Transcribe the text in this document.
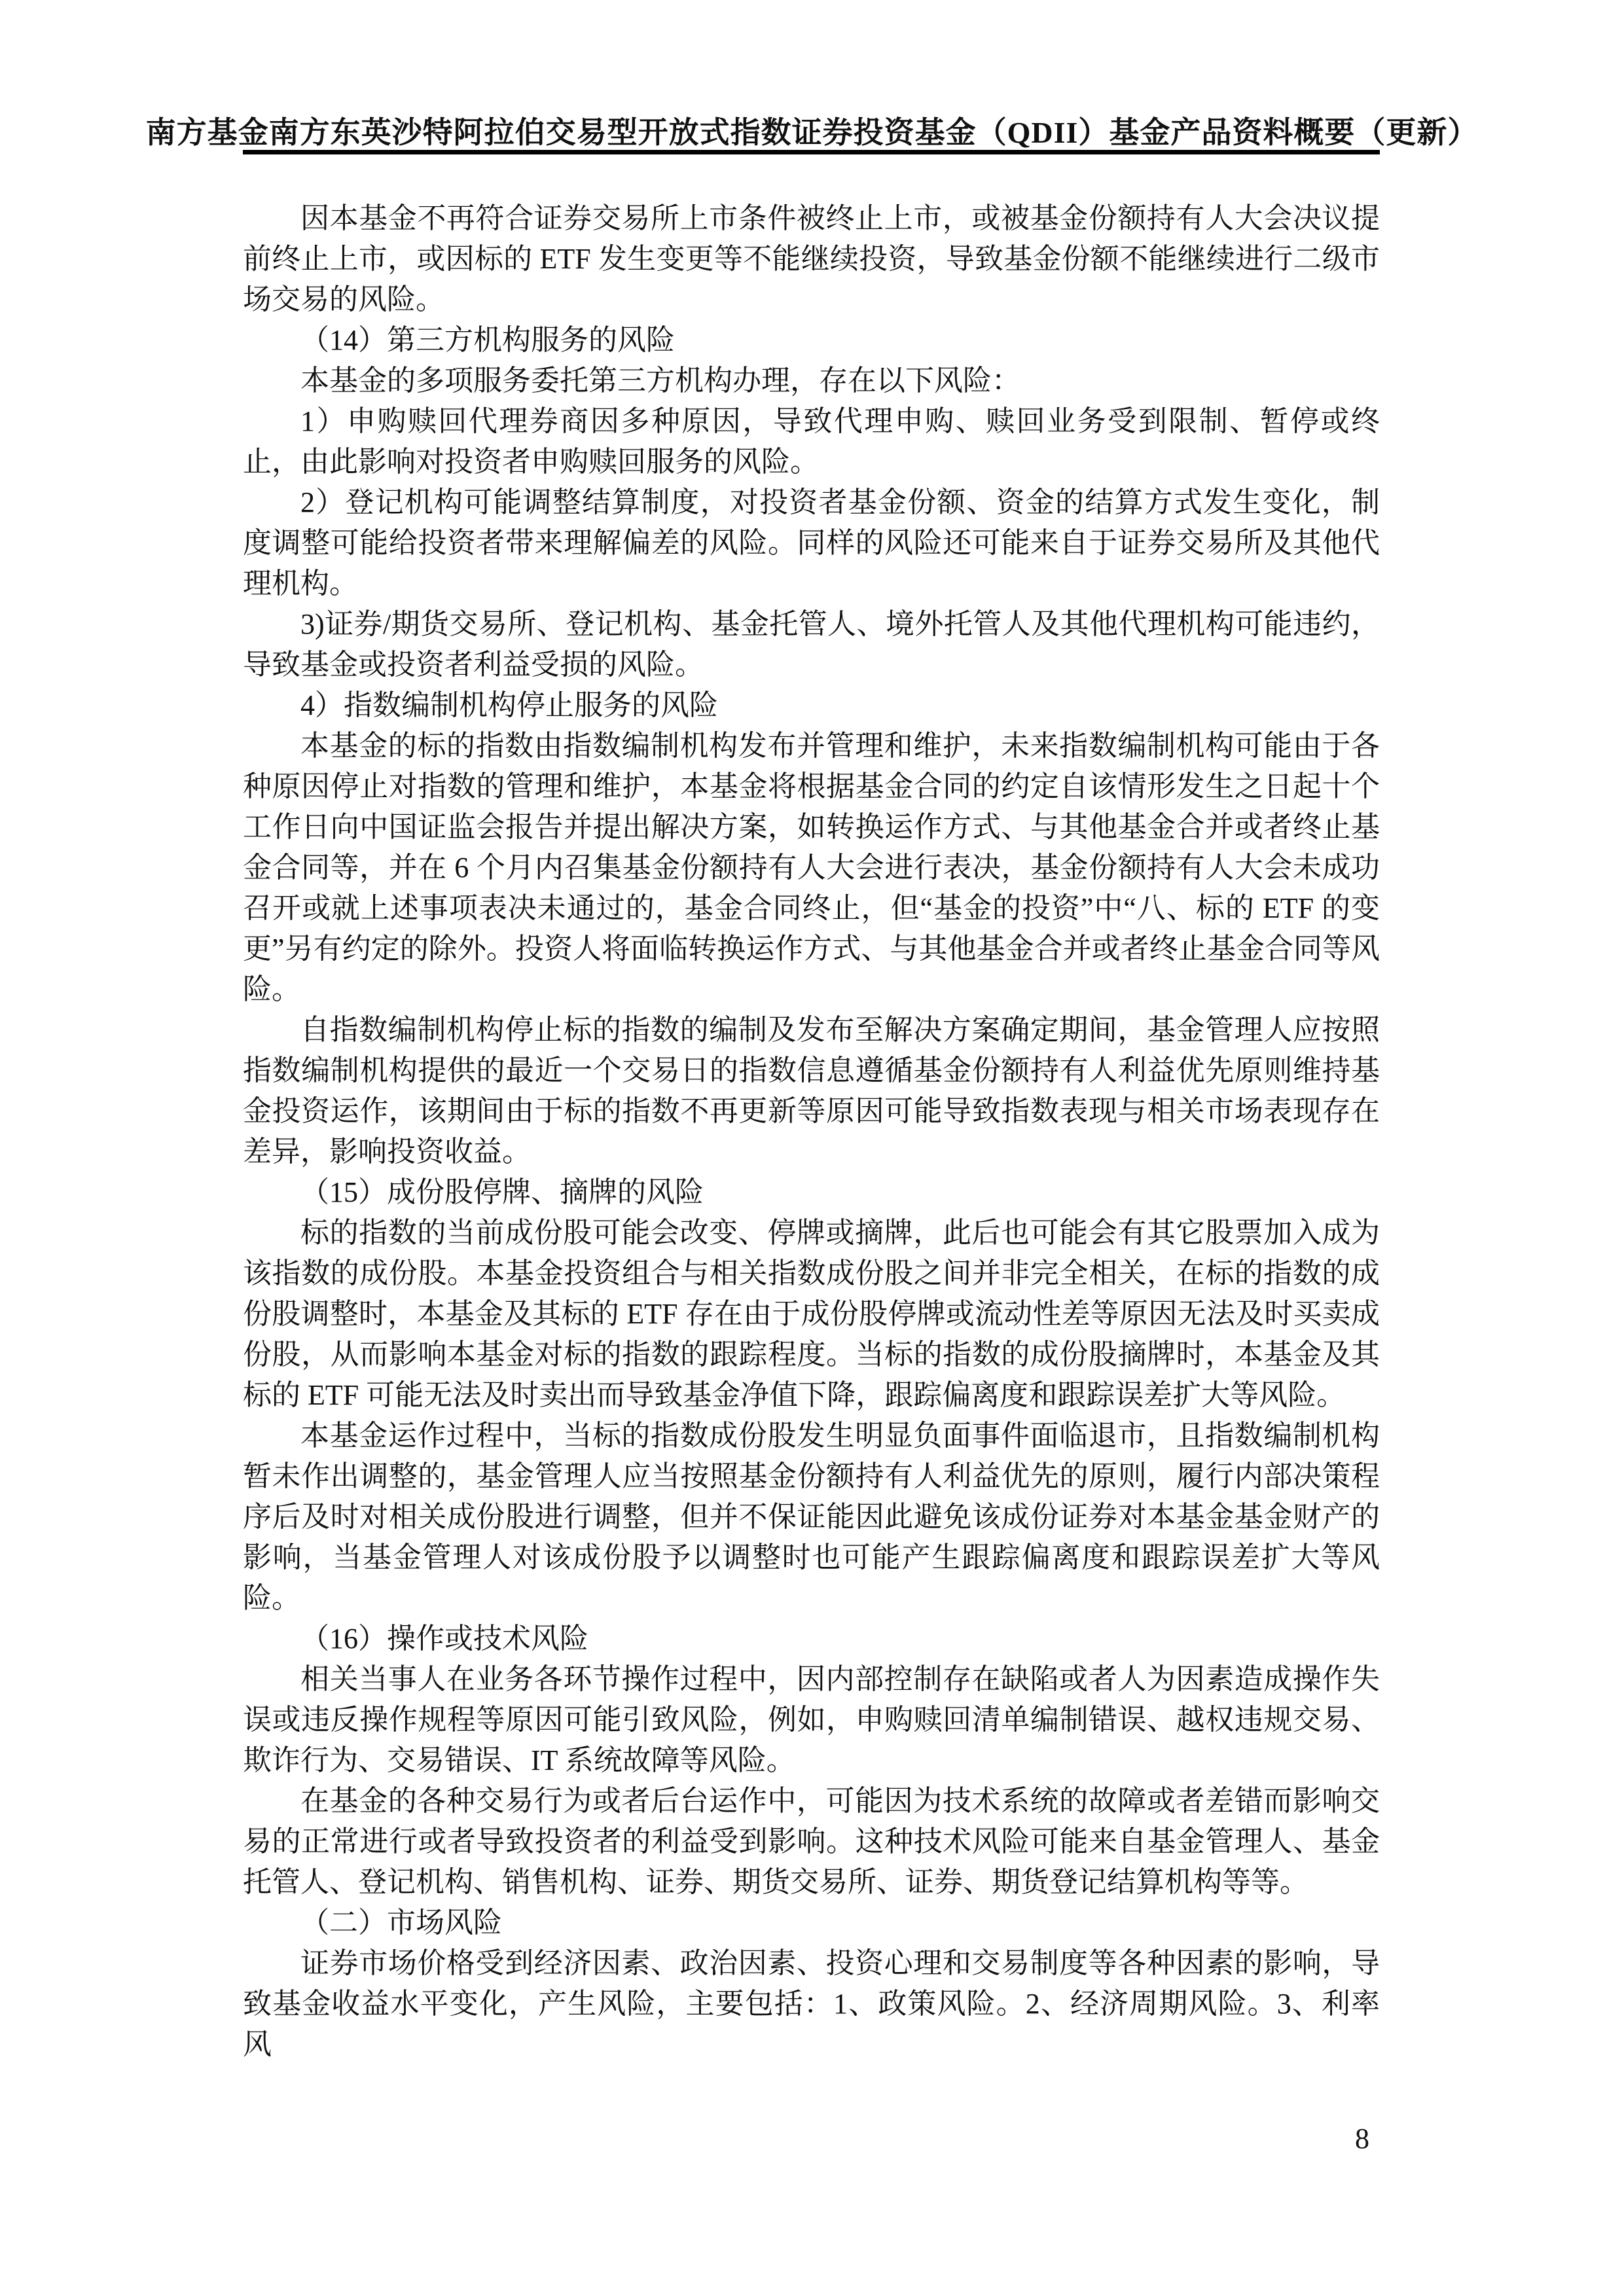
南方基金南方东英沙特阿拉伯交易型开放式指数证券投资基金（QDII）基金产品资料概要（更新）

因本基金不再符合证券交易所上市条件被终止上市，或被基金份额持有人大会决议提前终止上市，或因标的 ETF 发生变更等不能继续投资，导致基金份额不能继续进行二级市场交易的风险。

（14）第三方机构服务的风险

本基金的多项服务委托第三方机构办理，存在以下风险：

1）申购赎回代理券商因多种原因，导致代理申购、赎回业务受到限制、暂停或终止，由此影响对投资者申购赎回服务的风险。

2）登记机构可能调整结算制度，对投资者基金份额、资金的结算方式发生变化，制度调整可能给投资者带来理解偏差的风险。同样的风险还可能来自于证券交易所及其他代理机构。

3)证券/期货交易所、登记机构、基金托管人、境外托管人及其他代理机构可能违约，导致基金或投资者利益受损的风险。

4）指数编制机构停止服务的风险

本基金的标的指数由指数编制机构发布并管理和维护，未来指数编制机构可能由于各种原因停止对指数的管理和维护，本基金将根据基金合同的约定自该情形发生之日起十个工作日向中国证监会报告并提出解决方案，如转换运作方式、与其他基金合并或者终止基金合同等，并在 6 个月内召集基金份额持有人大会进行表决，基金份额持有人大会未成功召开或就上述事项表决未通过的，基金合同终止，但“基金的投资”中“八、标的 ETF 的变更”另有约定的除外。投资人将面临转换运作方式、与其他基金合并或者终止基金合同等风险。

自指数编制机构停止标的指数的编制及发布至解决方案确定期间，基金管理人应按照指数编制机构提供的最近一个交易日的指数信息遵循基金份额持有人利益优先原则维持基金投资运作，该期间由于标的指数不再更新等原因可能导致指数表现与相关市场表现存在差异，影响投资收益。

（15）成份股停牌、摘牌的风险

标的指数的当前成份股可能会改变、停牌或摘牌，此后也可能会有其它股票加入成为该指数的成份股。本基金投资组合与相关指数成份股之间并非完全相关，在标的指数的成份股调整时，本基金及其标的 ETF 存在由于成份股停牌或流动性差等原因无法及时买卖成份股，从而影响本基金对标的指数的跟踪程度。当标的指数的成份股摘牌时，本基金及其标的 ETF 可能无法及时卖出而导致基金净值下降，跟踪偏离度和跟踪误差扩大等风险。

本基金运作过程中，当标的指数成份股发生明显负面事件面临退市，且指数编制机构暂未作出调整的，基金管理人应当按照基金份额持有人利益优先的原则，履行内部决策程序后及时对相关成份股进行调整，但并不保证能因此避免该成份证券对本基金基金财产的影响，当基金管理人对该成份股予以调整时也可能产生跟踪偏离度和跟踪误差扩大等风险。

（16）操作或技术风险

相关当事人在业务各环节操作过程中，因内部控制存在缺陷或者人为因素造成操作失误或违反操作规程等原因可能引致风险，例如，申购赎回清单编制错误、越权违规交易、欺诈行为、交易错误、IT 系统故障等风险。

在基金的各种交易行为或者后台运作中，可能因为技术系统的故障或者差错而影响交易的正常进行或者导致投资者的利益受到影响。这种技术风险可能来自基金管理人、基金托管人、登记机构、销售机构、证券、期货交易所、证券、期货登记结算机构等等。

（二）市场风险

证券市场价格受到经济因素、政治因素、投资心理和交易制度等各种因素的影响，导致基金收益水平变化，产生风险，主要包括：1、政策风险。2、经济周期风险。3、利率风

8
